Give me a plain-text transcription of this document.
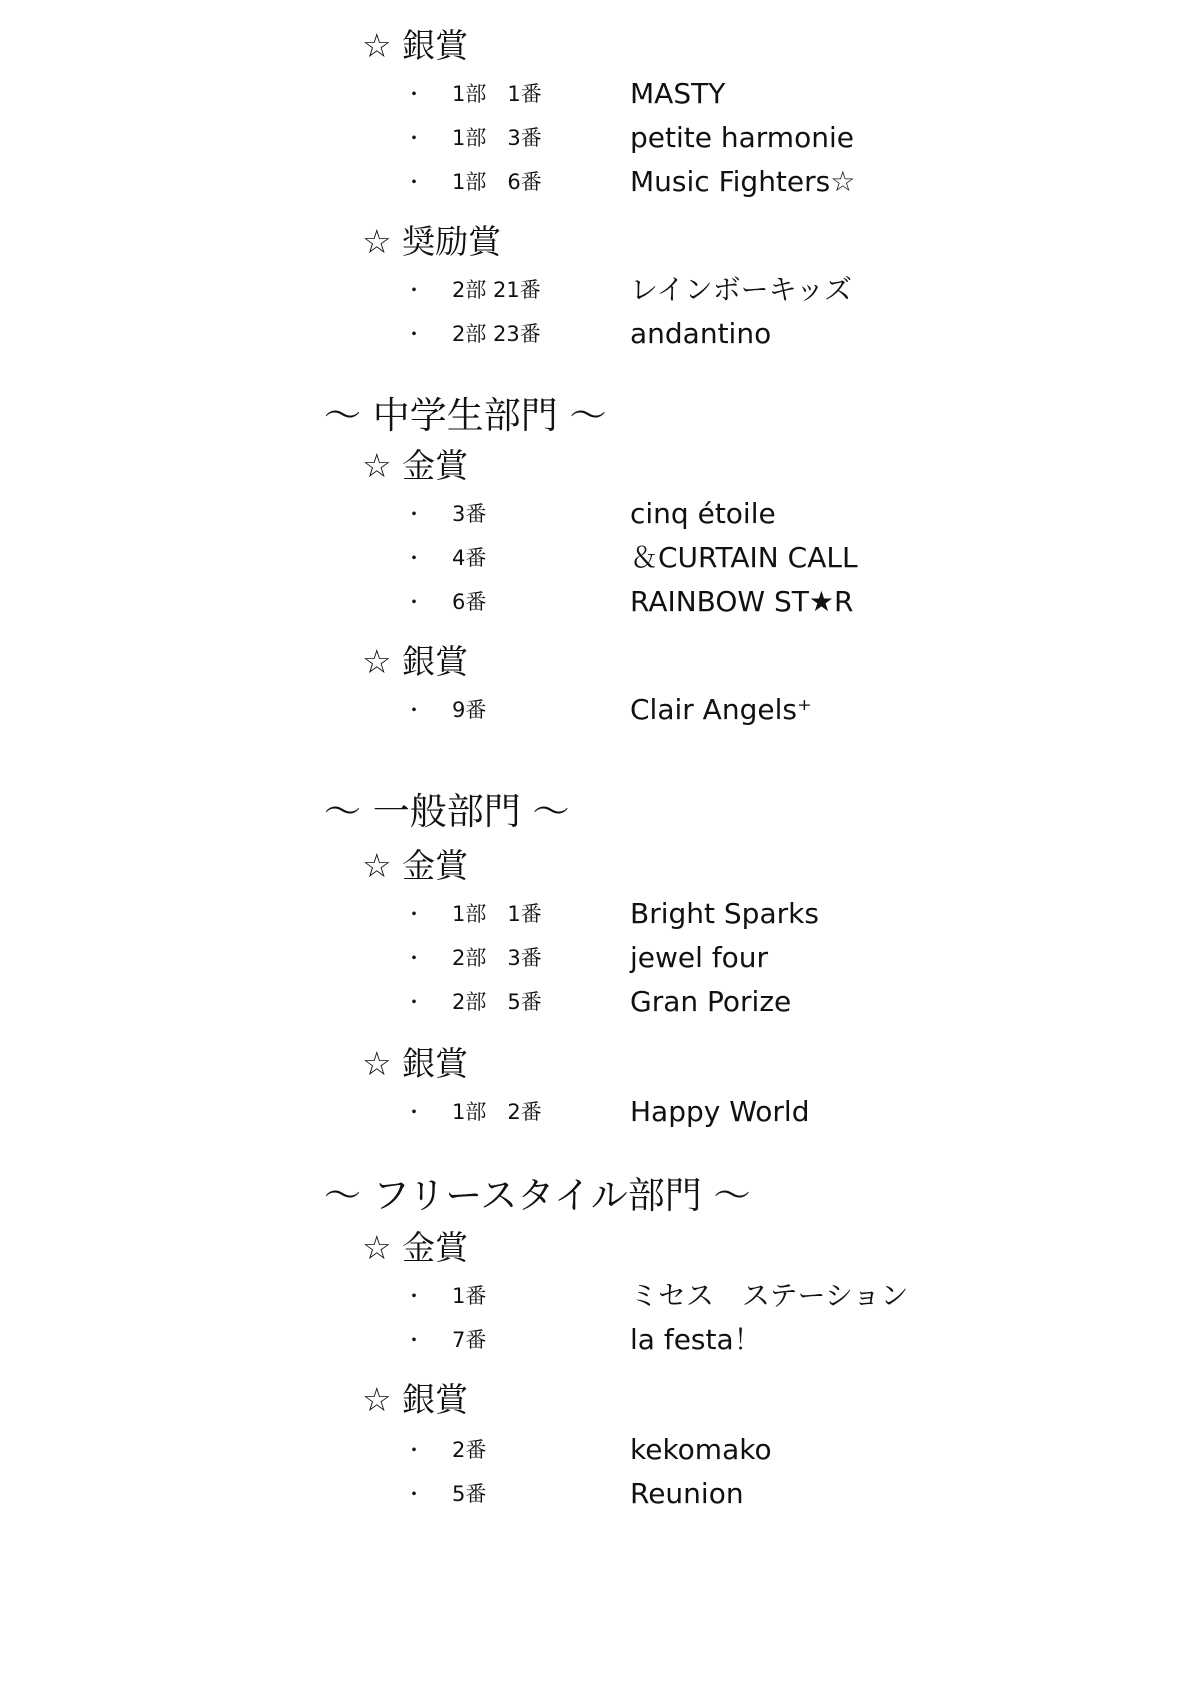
☆ 銀賞
・ 1部　1番	MASTY
・ 1部　3番	petite harmonie
・ 1部　6番	Music Fighters☆
☆ 奨励賞
・ 2部 21番	レインボーキッズ
・ 2部 23番	andantino
～ 中学生部門 ～
☆ 金賞
・ 3番	cinq étoile
・ 4番	＆CURTAIN CALL
・ 6番	RAINBOW ST★R
☆ 銀賞
・ 9番	Clair Angels⁺
～ 一般部門 ～
☆ 金賞
・ 1部　1番	Bright Sparks
・ 2部　3番	jewel four
・ 2部　5番	Gran Porize
☆ 銀賞
・ 1部　2番	Happy World
～ フリースタイル部門 ～
☆ 金賞
・ 1番	ミセス　ステーション
・ 7番	la festa！
☆ 銀賞
・ 2番	kekomako
・ 5番	Reunion
